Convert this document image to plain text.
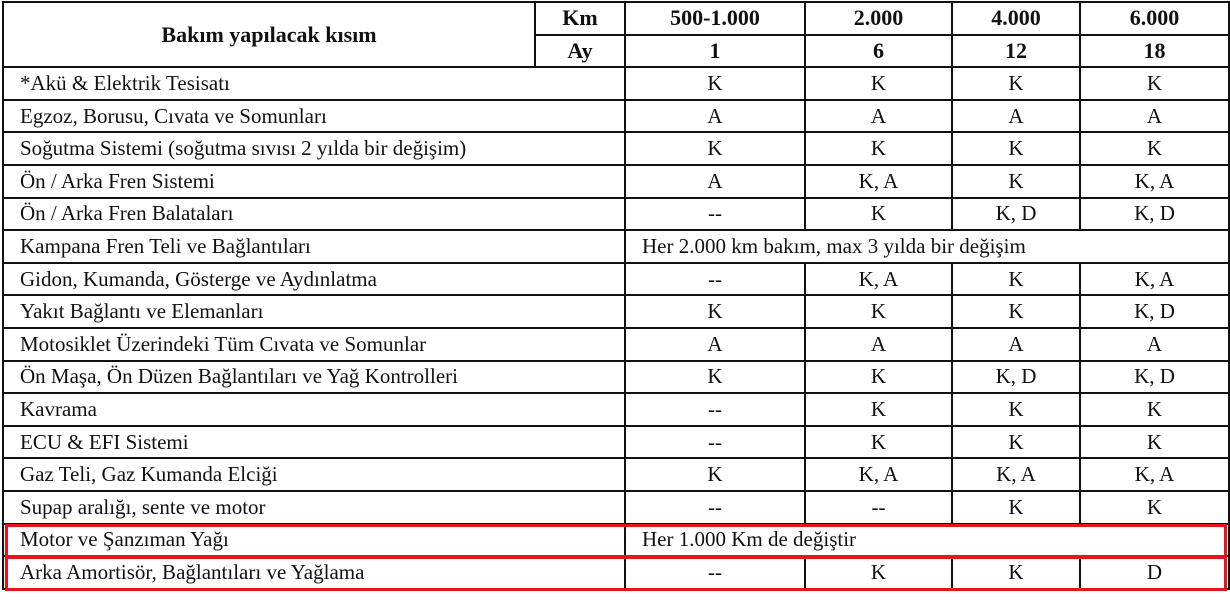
Bakım yapılacak kısım	Km	500-1.000	2.000	4.000	6.000
	Ay	1	6	12	18
*Akü & Elektrik Tesisatı		K	K	K	K
Egzoz, Borusu, Cıvata ve Somunları		A	A	A	A
Soğutma Sistemi (soğutma sıvısı 2 yılda bir değişim)		K	K	K	K
Ön / Arka Fren Sistemi		A	K, A	K	K, A
Ön / Arka Fren Balataları		--	K	K, D	K, D
Kampana Fren Teli ve Bağlantıları		Her 2.000 km bakım, max 3 yılda bir değişim			
Gidon, Kumanda, Gösterge ve Aydınlatma		--	K, A	K	K, A
Yakıt Bağlantı ve Elemanları		K	K	K	K, D
Motosiklet Üzerindeki Tüm Cıvata ve Somunlar		A	A	A	A
Ön Maşa, Ön Düzen Bağlantıları ve Yağ Kontrolleri		K	K	K, D	K, D
Kavrama		--	K	K	K
ECU & EFI Sistemi		--	K	K	K
Gaz Teli, Gaz Kumanda Elciği		K	K, A	K, A	K, A
Supap aralığı, sente ve motor		--	--	K	K
Motor ve Şanzıman Yağı		Her 1.000 Km de değiştir			
Arka Amortisör, Bağlantıları ve Yağlama		--	K	K	D
